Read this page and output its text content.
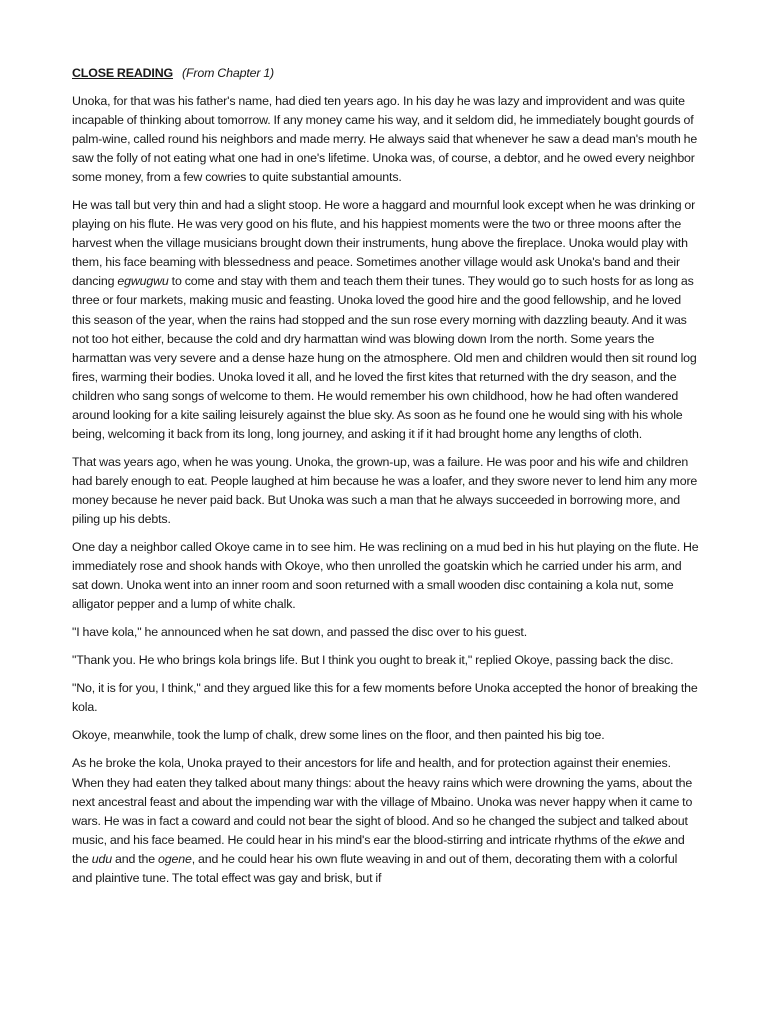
CLOSE READING (From Chapter 1)

Unoka, for that was his father's name, had died ten years ago. In his day he was lazy and improvident and was quite incapable of thinking about tomorrow. If any money came his way, and it seldom did, he immediately bought gourds of palm-wine, called round his neighbors and made merry. He always said that whenever he saw a dead man's mouth he saw the folly of not eating what one had in one's lifetime. Unoka was, of course, a debtor, and he owed every neighbor some money, from a few cowries to quite substantial amounts.

He was tall but very thin and had a slight stoop. He wore a haggard and mournful look except when he was drinking or playing on his flute. He was very good on his flute, and his happiest moments were the two or three moons after the harvest when the village musicians brought down their instruments, hung above the fireplace. Unoka would play with them, his face beaming with blessedness and peace. Sometimes another village would ask Unoka's band and their dancing egwugwu to come and stay with them and teach them their tunes. They would go to such hosts for as long as three or four markets, making music and feasting. Unoka loved the good hire and the good fellowship, and he loved this season of the year, when the rains had stopped and the sun rose every morning with dazzling beauty. And it was not too hot either, because the cold and dry harmattan wind was blowing down Irom the north. Some years the harmattan was very severe and a dense haze hung on the atmosphere. Old men and children would then sit round log fires, warming their bodies. Unoka loved it all, and he loved the first kites that returned with the dry season, and the children who sang songs of welcome to them. He would remember his own childhood, how he had often wandered around looking for a kite sailing leisurely against the blue sky. As soon as he found one he would sing with his whole being, welcoming it back from its long, long journey, and asking it if it had brought home any lengths of cloth.

That was years ago, when he was young. Unoka, the grown-up, was a failure. He was poor and his wife and children had barely enough to eat. People laughed at him because he was a loafer, and they swore never to lend him any more money because he never paid back. But Unoka was such a man that he always succeeded in borrowing more, and piling up his debts.

One day a neighbor called Okoye came in to see him. He was reclining on a mud bed in his hut playing on the flute. He immediately rose and shook hands with Okoye, who then unrolled the goatskin which he carried under his arm, and sat down. Unoka went into an inner room and soon returned with a small wooden disc containing a kola nut, some alligator pepper and a lump of white chalk.

"I have kola," he announced when he sat down, and passed the disc over to his guest.

"Thank you. He who brings kola brings life. But I think you ought to break it," replied Okoye, passing back the disc.

"No, it is for you, I think," and they argued like this for a few moments before Unoka accepted the honor of breaking the kola.

Okoye, meanwhile, took the lump of chalk, drew some lines on the floor, and then painted his big toe.

As he broke the kola, Unoka prayed to their ancestors for life and health, and for protection against their enemies. When they had eaten they talked about many things: about the heavy rains which were drowning the yams, about the next ancestral feast and about the impending war with the village of Mbaino. Unoka was never happy when it came to wars. He was in fact a coward and could not bear the sight of blood. And so he changed the subject and talked about music, and his face beamed. He could hear in his mind's ear the blood-stirring and intricate rhythms of the ekwe and the udu and the ogene, and he could hear his own flute weaving in and out of them, decorating them with a colorful and plaintive tune. The total effect was gay and brisk, but if
